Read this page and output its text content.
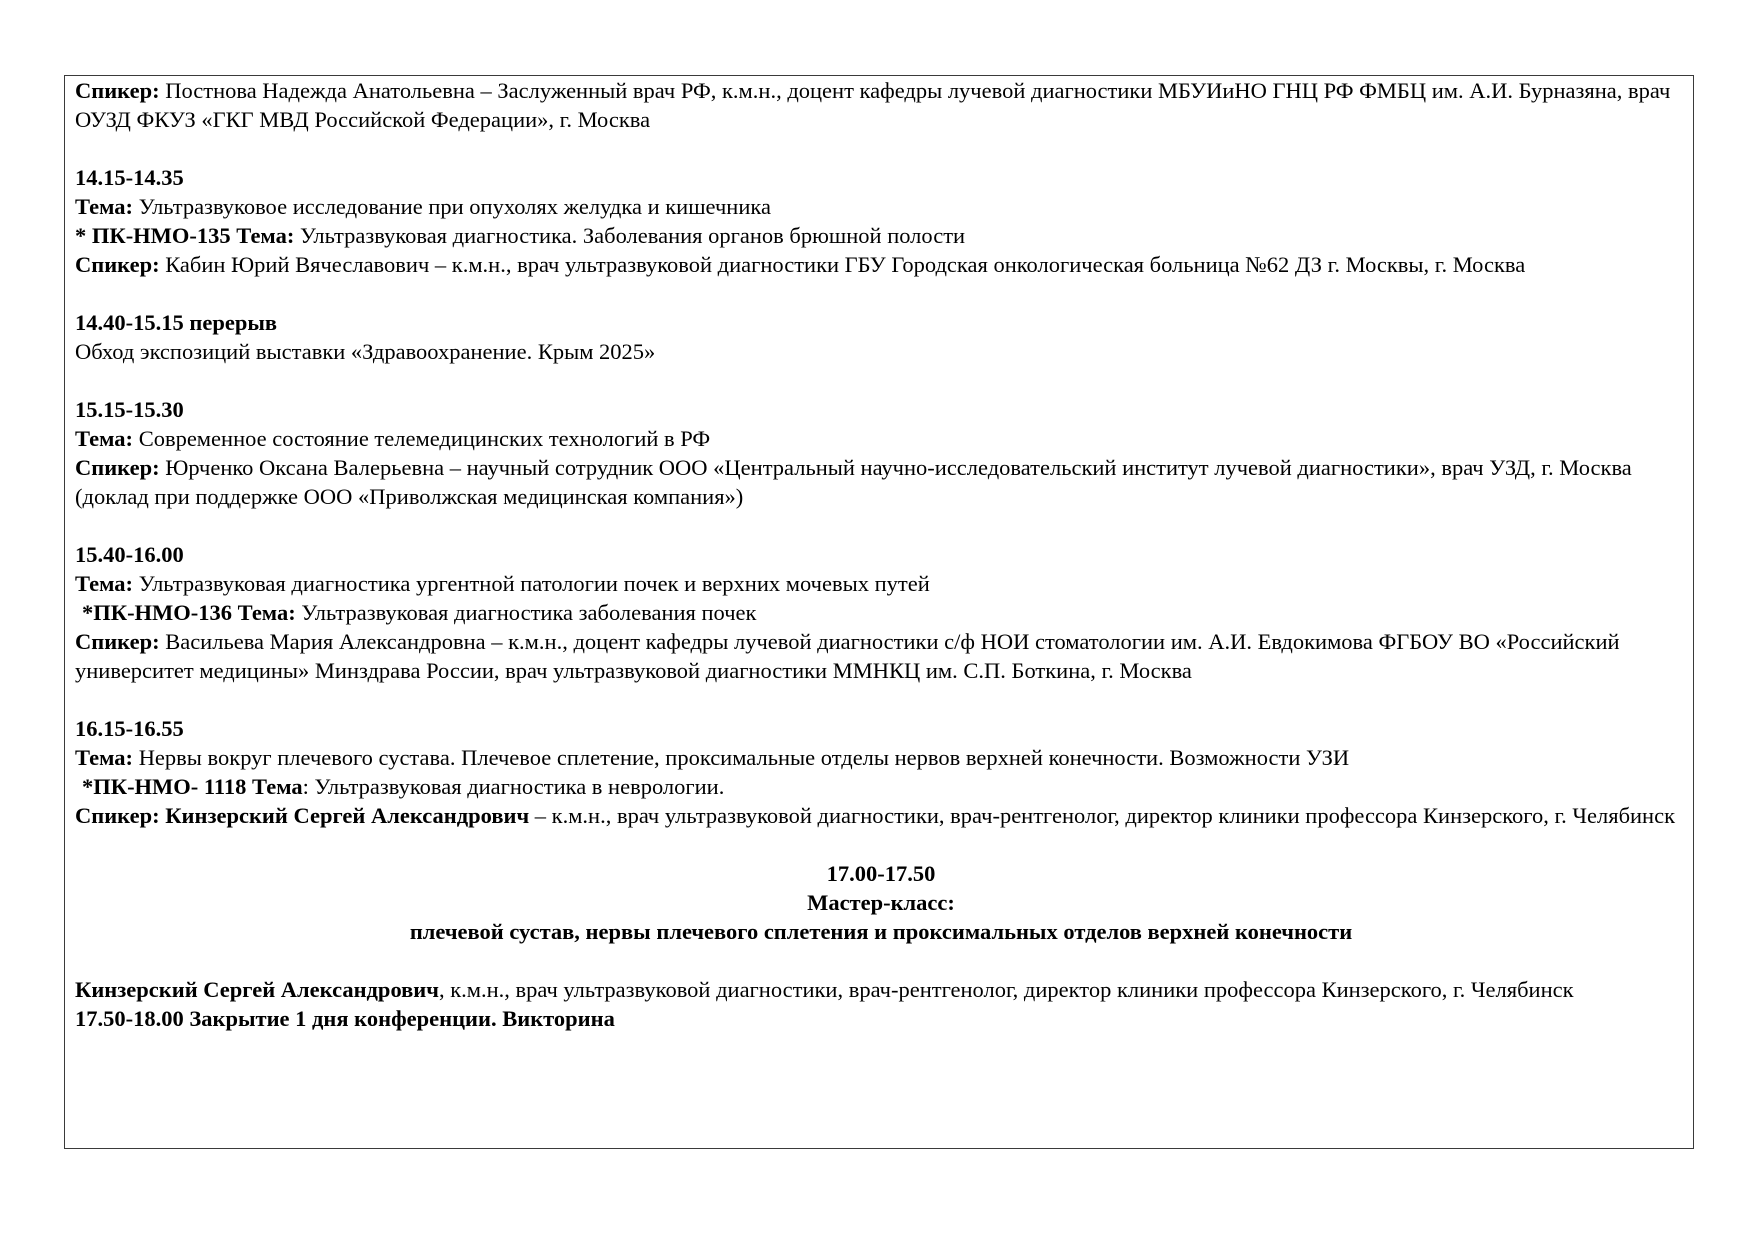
Спикер: Постнова Надежда Анатольевна – Заслуженный врач РФ, к.м.н., доцент кафедры лучевой диагностики МБУИиНО ГНЦ РФ ФМБЦ им. А.И. Бурназяна, врач ОУЗД ФКУЗ «ГКГ МВД Российской Федерации», г. Москва

14.15-14.35

Тема: Ультразвуковое исследование при опухолях желудка и кишечника

* ПК-НМО-135 Тема: Ультразвуковая диагностика. Заболевания органов брюшной полости

Спикер: Кабин Юрий Вячеславович – к.м.н., врач ультразвуковой диагностики ГБУ Городская онкологическая больница №62 ДЗ г. Москвы, г. Москва

14.40-15.15 перерыв

Обход экспозиций выставки «Здравоохранение. Крым 2025»

15.15-15.30

Тема: Современное состояние телемедицинских технологий в РФ

Спикер: Юрченко Оксана Валерьевна – научный сотрудник ООО «Центральный научно-исследовательский институт лучевой диагностики», врач УЗД, г. Москва (доклад при поддержке ООО «Приволжская медицинская компания»)

15.40-16.00

Тема: Ультразвуковая диагностика ургентной патологии почек и верхних мочевых путей

*ПК-НМО-136 Тема: Ультразвуковая диагностика заболевания почек

Спикер: Васильева Мария Александровна – к.м.н., доцент кафедры лучевой диагностики с/ф НОИ стоматологии им. А.И. Евдокимова ФГБОУ ВО «Российский университет медицины» Минздрава России, врач ультразвуковой диагностики ММНКЦ им. С.П. Боткина, г. Москва

16.15-16.55

Тема: Нервы вокруг плечевого сустава. Плечевое сплетение, проксимальные отделы нервов верхней конечности. Возможности УЗИ

*ПК-НМО- 1118 Тема: Ультразвуковая диагностика в неврологии.

Спикер: Кинзерский Сергей Александрович – к.м.н., врач ультразвуковой диагностики, врач-рентгенолог, директор клиники профессора Кинзерского, г. Челябинск

17.00-17.50

Мастер-класс:

плечевой сустав, нервы плечевого сплетения и проксимальных отделов верхней конечности

Кинзерский Сергей Александрович, к.м.н., врач ультразвуковой диагностики, врач-рентгенолог, директор клиники профессора Кинзерского, г. Челябинск

17.50-18.00 Закрытие 1 дня конференции. Викторина
